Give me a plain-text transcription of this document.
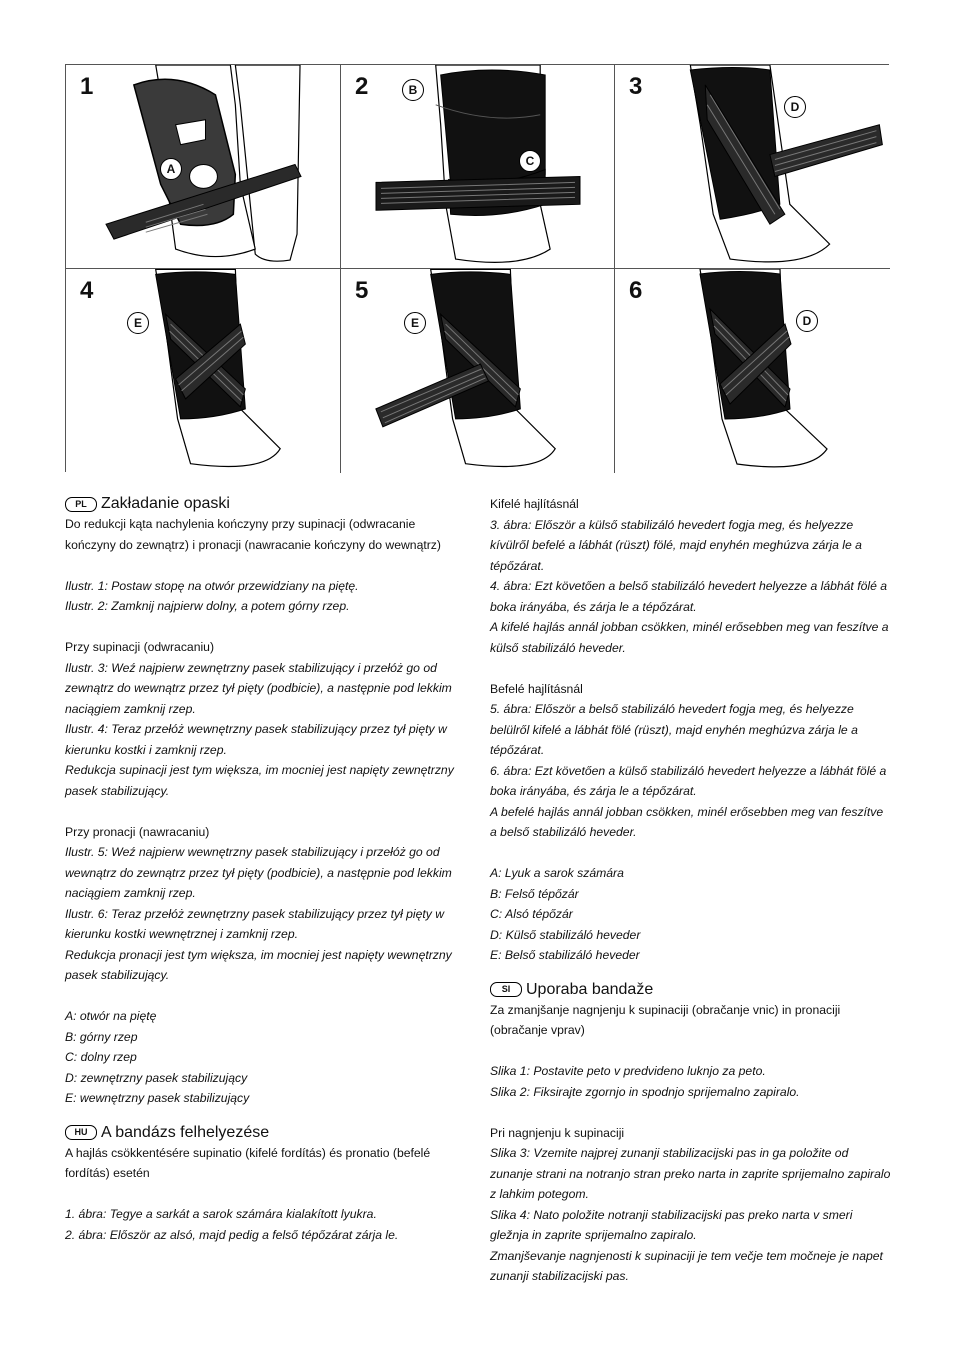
1
A
2	B
C
3
D
4
E
5
E
6
D
PL Zakładanie opaski

Do redukcji kąta nachylenia kończyny przy supinacji (odwracanie kończyny do zewnątrz) i pronacji (nawracanie kończyny do wewnątrz)

Ilustr. 1: Postaw stopę na otwór przewidziany na piętę.

Ilustr. 2: Zamknij najpierw dolny, a potem górny rzep.

Przy supinacji (odwracaniu)

Ilustr. 3: Weź najpierw zewnętrzny pasek stabilizujący i przełóż go od zewnątrz do wewnątrz przez tył pięty (podbicie), a następnie pod lekkim naciągiem zamknij rzep.

Ilustr. 4: Teraz przełóż wewnętrzny pasek stabilizujący przez tył pięty w kierunku kostki i zamknij rzep.

Redukcja supinacji jest tym większa, im mocniej jest napięty zewnętrzny pasek stabilizujący.

Przy pronacji (nawracaniu)

Ilustr. 5: Weź najpierw wewnętrzny pasek stabilizujący i przełóż go od wewnątrz do zewnątrz przez tył pięty (podbicie), a następnie pod lekkim naciągiem zamknij rzep.

Ilustr. 6: Teraz przełóż zewnętrzny pasek stabilizujący przez tył pięty w kierunku kostki wewnętrznej i zamknij rzep.

Redukcja pronacji jest tym większa, im mocniej jest napięty wewnętrzny pasek stabilizujący.

A: otwór na piętę

B: górny rzep

C: dolny rzep

D: zewnętrzny pasek stabilizujący

E: wewnętrzny pasek stabilizujący

HU A bandázs felhelyezése

A hajlás csökkentésére supinatio (kifelé fordítás) és pronatio (befelé fordítás) esetén

1. ábra: Tegye a sarkát a sarok számára kialakított lyukra.

2. ábra: Először az alsó, majd pedig a felső tépőzárat zárja le.

Kifelé hajlításnál

3. ábra: Először a külső stabilizáló hevedert fogja meg, és helyezze kívülről befelé a lábhát (rüszt) fölé, majd enyhén meghúzva zárja le a tépőzárat.

4. ábra: Ezt követően a belső stabilizáló hevedert helyezze a lábhát fölé a boka irányába, és zárja le a tépőzárat.

A kifelé hajlás annál jobban csökken, minél erősebben meg van feszítve a külső stabilizáló heveder.

Befelé hajlításnál

5. ábra: Először a belső stabilizáló hevedert fogja meg, és helyezze belülről kifelé a lábhát fölé (rüszt), majd enyhén meghúzva zárja le a tépőzárat.

6. ábra: Ezt követően a külső stabilizáló hevedert helyezze a lábhát fölé a boka irányába, és zárja le a tépőzárat.

A befelé hajlás annál jobban csökken, minél erősebben meg van feszítve a belső stabilizáló heveder.

A: Lyuk a sarok számára

B: Felső tépőzár

C: Alsó tépőzár

D: Külső stabilizáló heveder

E: Belső stabilizáló heveder

SI Uporaba bandaže

Za zmanjšanje nagnjenju k supinaciji (obračanje vnic) in pronaciji (obračanje vprav)

Slika 1: Postavite peto v predvideno luknjo za peto.

Slika 2: Fiksirajte zgornjo in spodnjo sprijemalno zapiralo.

Pri nagnjenju k supinaciji

Slika 3: Vzemite najprej zunanji stabilizacijski pas in ga položite od zunanje strani na notranjo stran preko narta in zaprite sprijemalno zapiralo z lahkim potegom.

Slika 4: Nato položite notranji stabilizacijski pas preko narta v smeri gležnja in zaprite sprijemalno zapiralo.

Zmanjševanje nagnjenosti k supinaciji je tem večje tem močneje je napet zunanji stabilizacijski pas.
